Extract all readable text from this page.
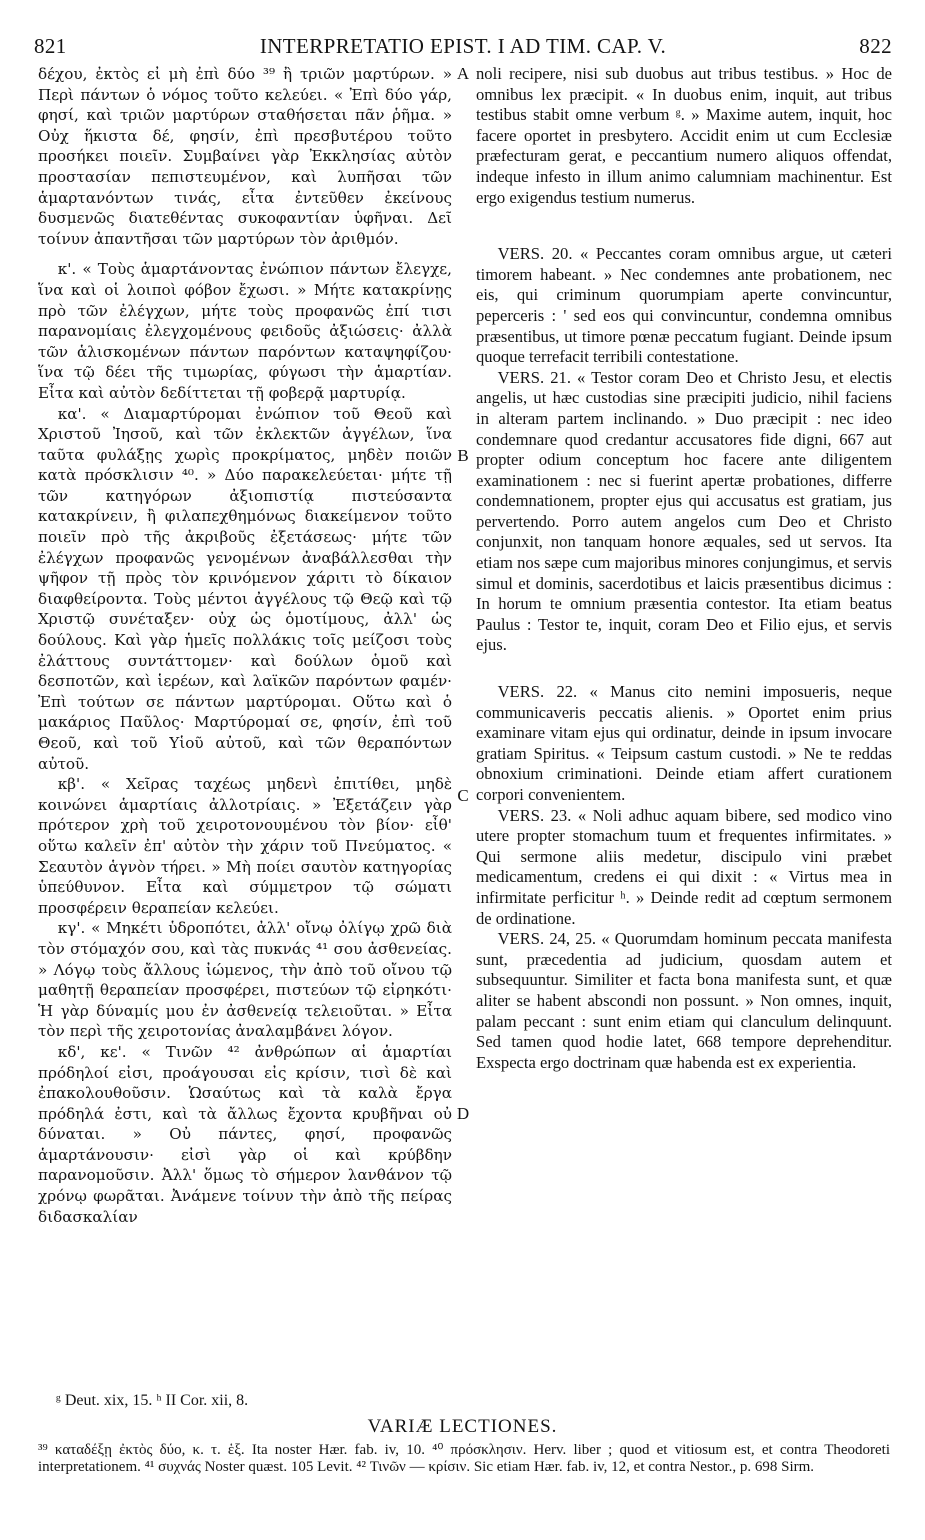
821	INTERPRETATIO EPIST. I AD TIM. CAP. V.	822
δέχου, ἐκτὸς εἰ μὴ ἐπὶ δύο ³⁹ ἢ τριῶν μαρτύρων. » Περὶ πάντων ὁ νόμος τοῦτο κελεύει. « Ἐπὶ δύο γάρ, φησί, καὶ τριῶν μαρτύρων σταθήσεται πᾶν ῥῆμα. » Οὐχ ἥκιστα δέ, φησίν, ἐπὶ πρεσβυτέρου τοῦτο προσήκει ποιεῖν. Συμβαίνει γὰρ Ἐκκλησίας αὐτὸν προστασίαν πεπιστευμένον, καὶ λυπῆσαι τῶν ἁμαρτανόντων τινάς, εἶτα ἐντεῦθεν ἐκείνους δυσμενῶς διατεθέντας συκοφαντίαν ὑφῆναι. Δεῖ τοίνυν ἀπαντῆσαι τῶν μαρτύρων τὸν ἀριθμόν.
κ'. « Τοὺς ἁμαρτάνοντας ἐνώπιον πάντων ἔλεγχε, ἵνα καὶ οἱ λοιποὶ φόβον ἔχωσι. » Μήτε κατακρίνῃς πρὸ τῶν ἐλέγχων, μήτε τοὺς προφανῶς ἐπί τισι παρανομίαις ἐλεγχομένους φειδοῦς ἀξιώσεις· ἀλλὰ τῶν ἁλισκομένων πάντων παρόντων καταψηφίζου· ἵνα τῷ δέει τῆς τιμωρίας, φύγωσι τὴν ἁμαρτίαν. Εἶτα καὶ αὐτὸν δεδίττεται τῇ φοβερᾷ μαρτυρίᾳ.
κα'. « Διαμαρτύρομαι ἐνώπιον τοῦ Θεοῦ καὶ Χριστοῦ Ἰησοῦ, καὶ τῶν ἐκλεκτῶν ἀγγέλων, ἵνα ταῦτα φυλάξῃς χωρὶς προκρίματος, μηδὲν ποιῶν κατὰ πρόσκλισιν ⁴⁰. » Δύο παρακελεύεται· μήτε τῇ τῶν κατηγόρων ἀξιοπιστίᾳ πιστεύσαντα κατακρίνειν, ἢ φιλαπεχθημόνως διακείμενον τοῦτο ποιεῖν πρὸ τῆς ἀκριβοῦς ἐξετάσεως· μήτε τῶν ἐλέγχων προφανῶς γενομένων ἀναβάλλεσθαι τὴν ψῆφον τῇ πρὸς τὸν κρινόμενον χάριτι τὸ δίκαιον διαφθείροντα. Τοὺς μέντοι ἀγγέλους τῷ Θεῷ καὶ τῷ Χριστῷ συνέταξεν· οὐχ ὡς ὁμοτίμους, ἀλλ' ὡς δούλους. Καὶ γὰρ ἡμεῖς πολλάκις τοῖς μείζοσι τοὺς ἐλάττους συντάττομεν· καὶ δούλων ὁμοῦ καὶ δεσποτῶν, καὶ ἱερέων, καὶ λαϊκῶν παρόντων φαμέν· Ἐπὶ τούτων σε πάντων μαρτύρομαι. Οὕτω καὶ ὁ μακάριος Παῦλος· Μαρτύρομαί σε, φησίν, ἐπὶ τοῦ Θεοῦ, καὶ τοῦ Υἱοῦ αὐτοῦ, καὶ τῶν θεραπόντων αὐτοῦ.
κβ'. « Χεῖρας ταχέως μηδενὶ ἐπιτίθει, μηδὲ κοινώνει ἁμαρτίαις ἀλλοτρίαις. » Ἐξετάζειν γὰρ πρότερον χρὴ τοῦ χειροτονουμένου τὸν βίον· εἶθ' οὕτω καλεῖν ἐπ' αὐτὸν τὴν χάριν τοῦ Πνεύματος. « Σεαυτὸν ἁγνὸν τήρει. » Μὴ ποίει σαυτὸν κατηγορίας ὑπεύθυνον. Εἶτα καὶ σύμμετρον τῷ σώματι προσφέρειν θεραπείαν κελεύει.
κγ'. « Μηκέτι ὑδροπότει, ἀλλ' οἴνῳ ὀλίγῳ χρῶ διὰ τὸν στόμαχόν σου, καὶ τὰς πυκνάς ⁴¹ σου ἀσθενείας. » Λόγῳ τοὺς ἄλλους ἰώμενος, τὴν ἀπὸ τοῦ οἴνου τῷ μαθητῇ θεραπείαν προσφέρει, πιστεύων τῷ εἰρηκότι· Ἡ γὰρ δύναμίς μου ἐν ἀσθενείᾳ τελειοῦται. » Εἶτα τὸν περὶ τῆς χειροτονίας ἀναλαμβάνει λόγον.
κδ', κε'. « Τινῶν ⁴² ἀνθρώπων αἱ ἁμαρτίαι πρόδηλοί εἰσι, προάγουσαι εἰς κρίσιν, τισὶ δὲ καὶ ἐπακολουθοῦσιν. Ὡσαύτως καὶ τὰ καλὰ ἔργα πρόδηλά ἐστι, καὶ τὰ ἄλλως ἔχοντα κρυβῆναι οὐ δύναται. » Οὐ πάντες, φησί, προφανῶς ἁμαρτάνουσιν· εἰσὶ γὰρ οἱ καὶ κρύβδην παρανομοῦσιν. Ἀλλ' ὅμως τὸ σήμερον λανθάνον τῷ χρόνῳ φωρᾶται. Ἀνάμενε τοίνυν τὴν ἀπὸ τῆς πείρας διδασκαλίαν
A
B
C
D
noli recipere, nisi sub duobus aut tribus testibus. » Hoc de omnibus lex præcipit. « In duobus enim, inquit, aut tribus testibus stabit omne verbum ᵍ. » Maxime autem, inquit, hoc facere oportet in presbytero. Accidit enim ut cum Ecclesiæ præfecturam gerat, e peccantium numero aliquos offendat, indeque infesto in illum animo calumniam machinentur. Est ergo exigendus testium numerus.
VERS. 20. « Peccantes coram omnibus argue, ut cæteri timorem habeant. » Nec condemnes ante probationem, nec eis, qui criminum quorumpiam aperte convincuntur, peperceris : ' sed eos qui convincuntur, condemna omnibus præsentibus, ut timore pœnæ peccatum fugiant. Deinde ipsum quoque terrefacit terribili contestatione.
VERS. 21. « Testor coram Deo et Christo Jesu, et electis angelis, ut hæc custodias sine præcipiti judicio, nihil faciens in alteram partem inclinando. » Duo præcipit : nec ideo condemnare quod credantur accusatores fide digni, 667 aut propter odium conceptum hoc facere ante diligentem examinationem : nec si fuerint apertæ probationes, differre condemnationem, propter ejus qui accusatus est gratiam, jus pervertendo. Porro autem angelos cum Deo et Christo conjunxit, non tanquam honore æquales, sed ut servos. Ita etiam nos sæpe cum majoribus minores conjungimus, et servis simul et dominis, sacerdotibus et laicis præsentibus dicimus : In horum te omnium præsentia contestor. Ita etiam beatus Paulus : Testor te, inquit, coram Deo et Filio ejus, et servis ejus.
VERS. 22. « Manus cito nemini imposueris, neque communicaveris peccatis alienis. » Oportet enim prius examinare vitam ejus qui ordinatur, deinde in ipsum invocare gratiam Spiritus. « Teipsum castum custodi. » Ne te reddas obnoxium criminationi. Deinde etiam affert curationem corpori convenientem.
VERS. 23. « Noli adhuc aquam bibere, sed modico vino utere propter stomachum tuum et frequentes infirmitates. » Qui sermone aliis medetur, discipulo vini præbet medicamentum, credens ei qui dixit : « Virtus mea in infirmitate perficitur ʰ. » Deinde redit ad cœptum sermonem de ordinatione.
VERS. 24, 25. « Quorumdam hominum peccata manifesta sunt, præcedentia ad judicium, quosdam autem et subsequuntur. Similiter et facta bona manifesta sunt, et quæ aliter se habent abscondi non possunt. » Non omnes, inquit, palam peccant : sunt enim etiam qui clanculum delinquunt. Sed tamen quod hodie latet, 668 tempore deprehenditur. Exspecta ergo doctrinam quæ habenda est ex experientia.
ᵍ Deut. xix, 15. ʰ II Cor. xii, 8.
VARIÆ LECTIONES.
³⁹ καταδέξῃ ἐκτὸς δύο, κ. τ. ἑξ. Ita noster Hær. fab. iv, 10. ⁴⁰ πρόσκλησιν. Herv. liber ; quod et vitiosum est, et contra Theodoreti interpretationem. ⁴¹ συχνάς Noster quæst. 105 Levit. ⁴² Τινῶν — κρίσιν. Sic etiam Hær. fab. iv, 12, et contra Nestor., p. 698 Sirm.
